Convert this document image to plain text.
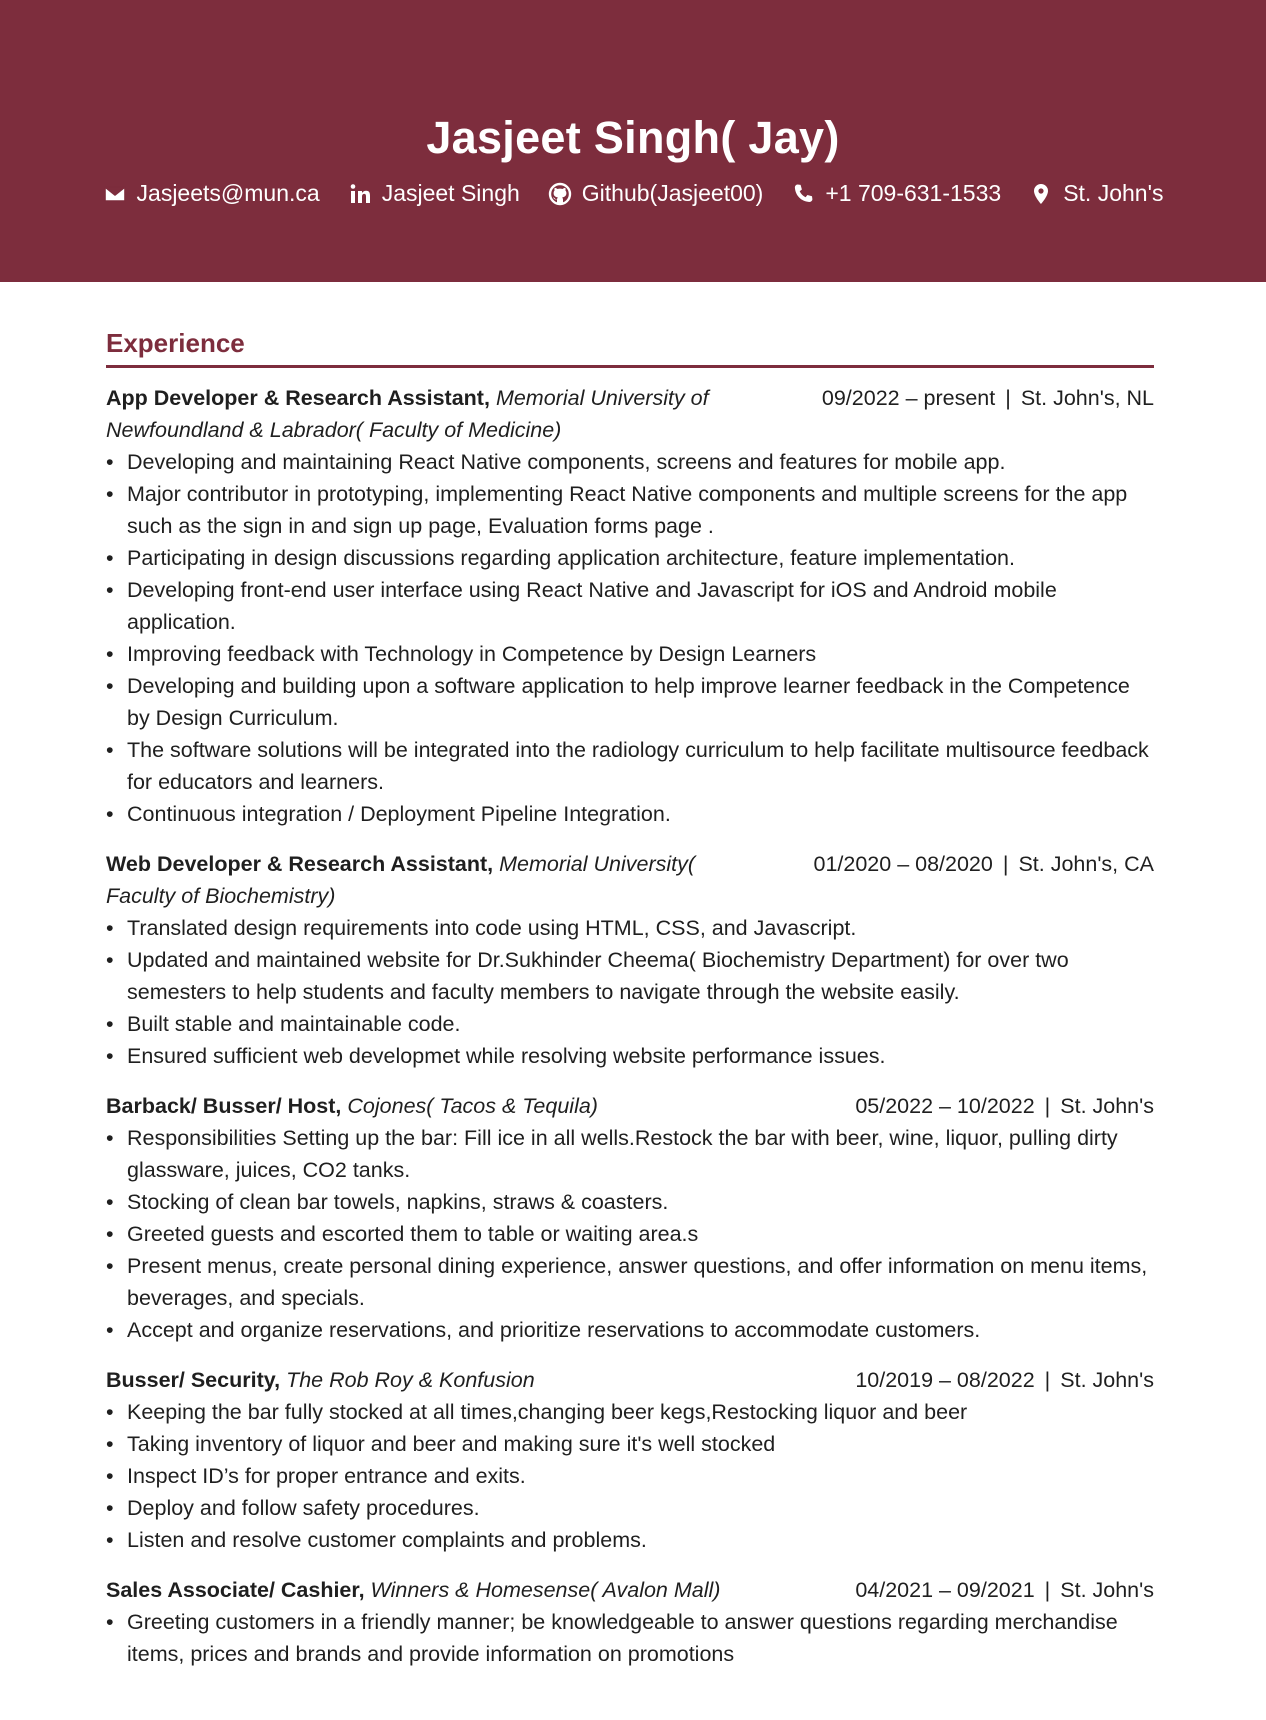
Jasjeet Singh( Jay)
Jasjeets@mun.ca	Jasjeet Singh	Github(Jasjeet00)	+1 709-631-1533	St. John's
Experience
App Developer & Research Assistant, Memorial University of Newfoundland & Labrador( Faculty of Medicine)
09/2022 – present | St. John's, NL
• Developing and maintaining React Native components, screens and features for mobile app.
• Major contributor in prototyping, implementing React Native components and multiple screens for the app such as the sign in and sign up page, Evaluation forms page .
• Participating in design discussions regarding application architecture, feature implementation.
• Developing front-end user interface using React Native and Javascript for iOS and Android mobile application.
• Improving feedback with Technology in Competence by Design Learners
• Developing and building upon a software application to help improve learner feedback in the Competence by Design Curriculum.
• The software solutions will be integrated into the radiology curriculum to help facilitate multisource feedback for educators and learners.
• Continuous integration / Deployment Pipeline Integration.
Web Developer & Research Assistant, Memorial University( Faculty of Biochemistry)
01/2020 – 08/2020 | St. John's, CA
• Translated design requirements into code using HTML, CSS, and Javascript.
• Updated and maintained website for Dr.Sukhinder Cheema( Biochemistry Department) for over two semesters to help students and faculty members to navigate through the website easily.
• Built stable and maintainable code.
• Ensured sufficient web developmet while resolving website performance issues.
Barback/ Busser/ Host, Cojones( Tacos & Tequila)	05/2022 – 10/2022 | St. John's
• Responsibilities Setting up the bar: Fill ice in all wells.Restock the bar with beer, wine, liquor, pulling dirty glassware, juices, CO2 tanks.
• Stocking of clean bar towels, napkins, straws & coasters.
• Greeted guests and escorted them to table or waiting area.s
• Present menus, create personal dining experience, answer questions, and offer information on menu items, beverages, and specials.
• Accept and organize reservations, and prioritize reservations to accommodate customers.
Busser/ Security, The Rob Roy & Konfusion	10/2019 – 08/2022 | St. John's
• Keeping the bar fully stocked at all times,changing beer kegs,Restocking liquor and beer
• Taking inventory of liquor and beer and making sure it's well stocked
• Inspect ID’s for proper entrance and exits.
• Deploy and follow safety procedures.
• Listen and resolve customer complaints and problems.
Sales Associate/ Cashier, Winners & Homesense( Avalon Mall)	04/2021 – 09/2021 | St. John's
• Greeting customers in a friendly manner; be knowledgeable to answer questions regarding merchandise items, prices and brands and provide information on promotions
